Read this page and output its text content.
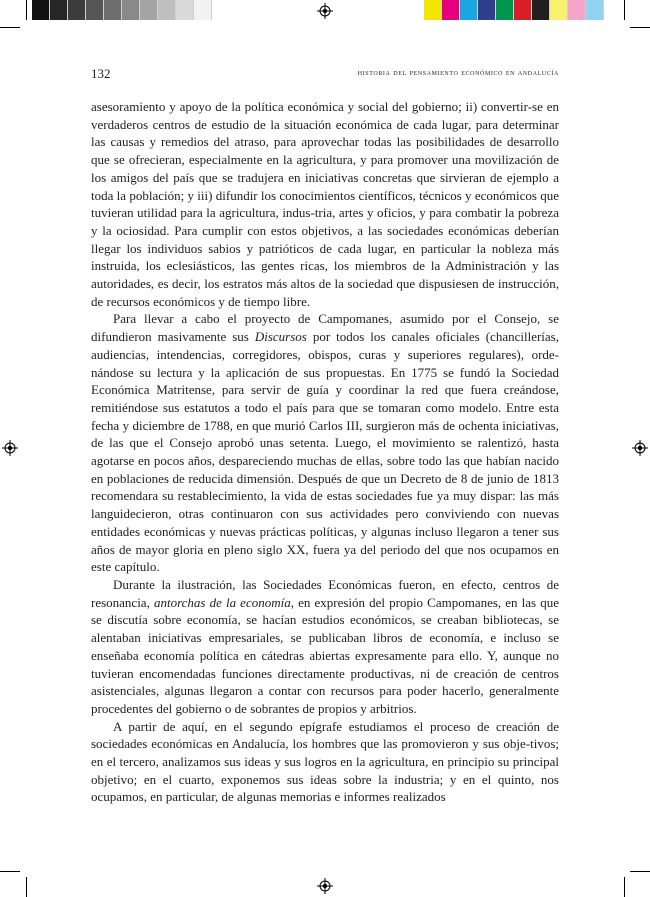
132	historia del pensamiento económico en andalucía

asesoramiento y apoyo de la política económica y social del gobierno; ii) convertir-se en verdaderos centros de estudio de la situación económica de cada lugar, para determinar las causas y remedios del atraso, para aprovechar todas las posibilidades de desarrollo que se ofrecieran, especialmente en la agricultura, y para promover una movilización de los amigos del país que se tradujera en iniciativas concretas que sirvieran de ejemplo a toda la población; y iii) difundir los conocimientos científicos, técnicos y económicos que tuvieran utilidad para la agricultura, indus-tria, artes y oficios, y para combatir la pobreza y la ociosidad. Para cumplir con estos objetivos, a las sociedades económicas deberían llegar los individuos sabios y patrióticos de cada lugar, en particular la nobleza más instruida, los eclesiásticos, las gentes ricas, los miembros de la Administración y las autoridades, es decir, los estratos más altos de la sociedad que dispusiesen de instrucción, de recursos económicos y de tiempo libre.

Para llevar a cabo el proyecto de Campomanes, asumido por el Consejo, se difundieron masivamente sus Discursos por todos los canales oficiales (chancillerías, audiencias, intendencias, corregidores, obispos, curas y superiores regulares), orde-nándose su lectura y la aplicación de sus propuestas. En 1775 se fundó la Sociedad Económica Matritense, para servir de guía y coordinar la red que fuera creándose, remitiéndose sus estatutos a todo el país para que se tomaran como modelo. Entre esta fecha y diciembre de 1788, en que murió Carlos III, surgieron más de ochenta iniciativas, de las que el Consejo aprobó unas setenta. Luego, el movimiento se ralentizó, hasta agotarse en pocos años, despareciendo muchas de ellas, sobre todo las que habían nacido en poblaciones de reducida dimensión. Después de que un Decreto de 8 de junio de 1813 recomendara su restablecimiento, la vida de estas sociedades fue ya muy dispar: las más languidecieron, otras continuaron con sus actividades pero conviviendo con nuevas entidades económicas y nuevas prácticas políticas, y algunas incluso llegaron a tener sus años de mayor gloria en pleno siglo XX, fuera ya del periodo del que nos ocupamos en este capítulo.

Durante la ilustración, las Sociedades Económicas fueron, en efecto, centros de resonancia, antorchas de la economía, en expresión del propio Campomanes, en las que se discutía sobre economía, se hacían estudios económicos, se creaban bibliotecas, se alentaban iniciativas empresariales, se publicaban libros de economía, e incluso se enseñaba economía política en cátedras abiertas expresamente para ello. Y, aunque no tuvieran encomendadas funciones directamente productivas, ni de creación de centros asistenciales, algunas llegaron a contar con recursos para poder hacerlo, generalmente procedentes del gobierno o de sobrantes de propios y arbitrios.

A partir de aquí, en el segundo epígrafe estudiamos el proceso de creación de sociedades económicas en Andalucía, los hombres que las promovieron y sus obje-tivos; en el tercero, analizamos sus ideas y sus logros en la agricultura, en principio su principal objetivo; en el cuarto, exponemos sus ideas sobre la industria; y en el quinto, nos ocupamos, en particular, de algunas memorias e informes realizados
